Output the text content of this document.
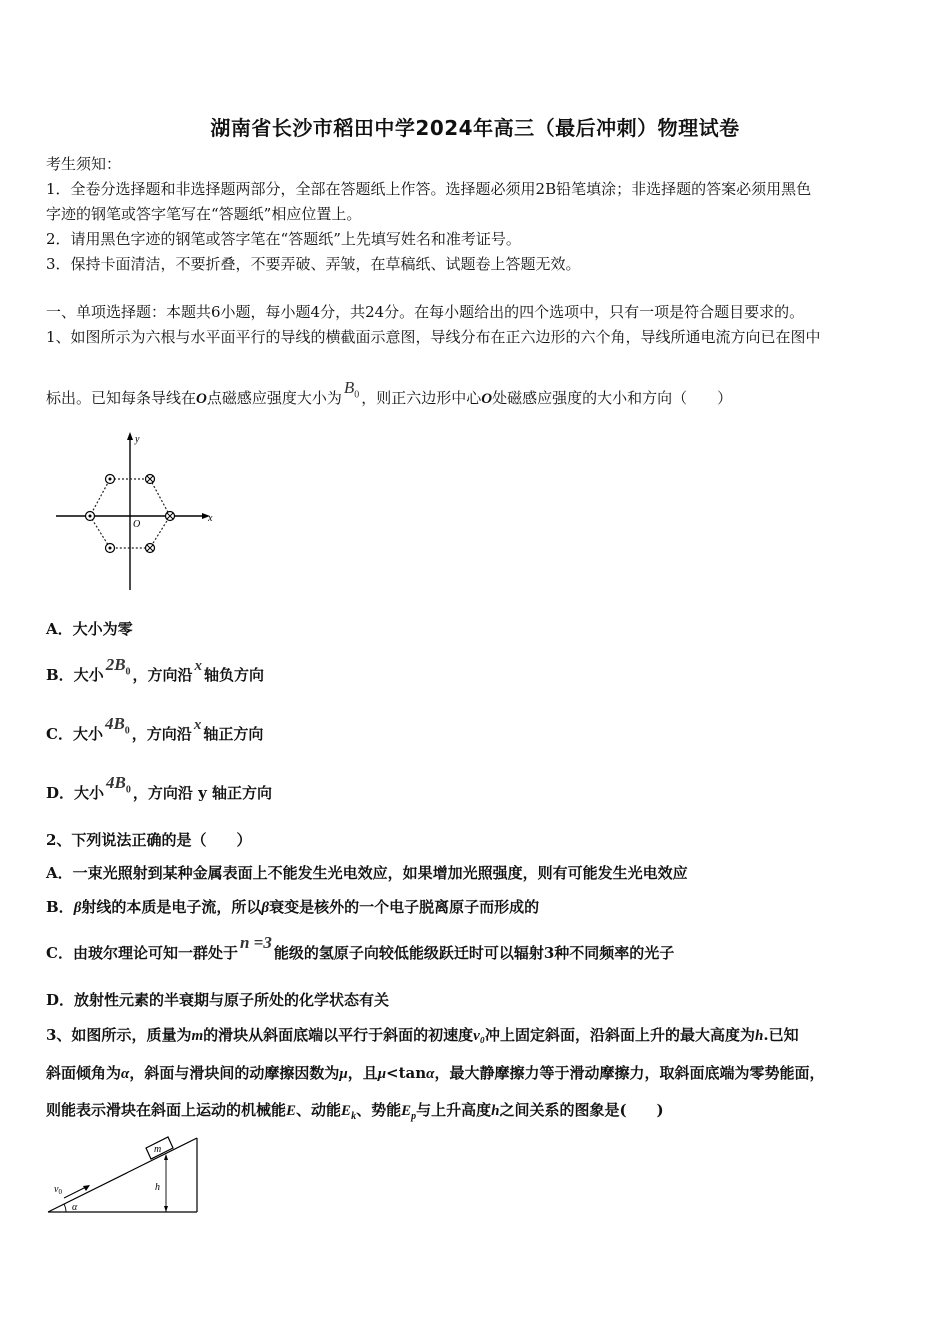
湖南省长沙市稻田中学2024年高三（最后冲刺）物理试卷
考生须知：
1．全卷分选择题和非选择题两部分，全部在答题纸上作答。选择题必须用2B铅笔填涂；非选择题的答案必须用黑色
字迹的钢笔或答字笔写在“答题纸”相应位置上。
2．请用黑色字迹的钢笔或答字笔在“答题纸”上先填写姓名和准考证号。
3．保持卡面清洁，不要折叠，不要弄破、弄皱，在草稿纸、试题卷上答题无效。
一、单项选择题：本题共6小题，每小题4分，共24分。在每小题给出的四个选项中，只有一项是符合题目要求的。
1、如图所示为六根与水平面平行的导线的横截面示意图，导线分布在正六边形的六个角，导线所通电流方向已在图中
标出。已知每条导线在O点磁感应强度大小为$B_0$ ，则正六边形中心O处磁感应强度的大小和方向（　　）
y
x
O
A．大小为零
B．大小$2B_0$ ，方向沿 x 轴负方向
C．大小$4B_0$ ，方向沿 x 轴正方向
D．大小$4B_0$ ，方向沿 y 轴正方向
2、下列说法正确的是（　　）
A．一束光照射到某种金属表面上不能发生光电效应，如果增加光照强度，则有可能发生光电效应
B．β射线的本质是电子流，所以β衰变是核外的一个电子脱离原子而形成的
C．由玻尔理论可知一群处于n =3能级的氢原子向较低能级跃迁时可以辐射3种不同频率的光子
D．放射性元素的半衰期与原子所处的化学状态有关
3、如图所示，质量为m的滑块从斜面底端以平行于斜面的初速度v₀冲上固定斜面，沿斜面上升的最大高度为h.已知
斜面倾角为α，斜面与滑块间的动摩擦因数为μ，且μ<tanα，最大静摩擦力等于滑动摩擦力，取斜面底端为零势能面，
则能表示滑块在斜面上运动的机械能E、动能$E_k$、势能$E_p$与上升高度h之间关系的图象是(　　)
m
h
$v_0$
α
